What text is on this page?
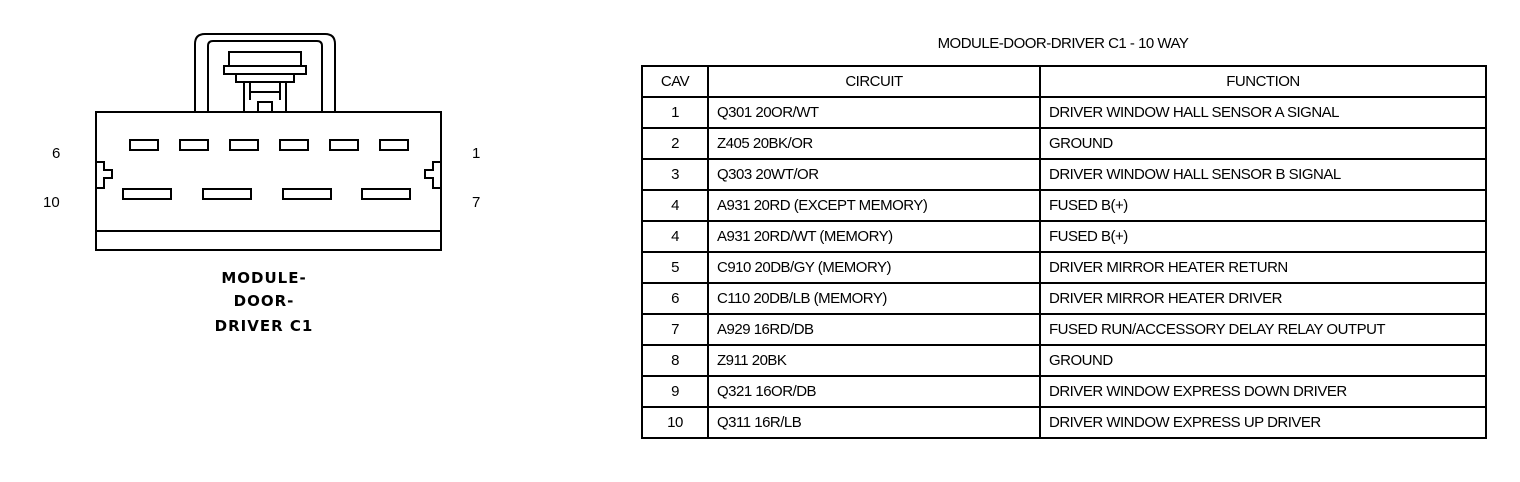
6
10
1
7
MODULE-
DOOR-
DRIVER C1
MODULE-DOOR-DRIVER C1 - 10 WAY
CAV	CIRCUIT	FUNCTION
1	Q301 20OR/WT	DRIVER WINDOW HALL SENSOR A SIGNAL
2	Z405 20BK/OR	GROUND
3	Q303 20WT/OR	DRIVER WINDOW HALL SENSOR B SIGNAL
4	A931 20RD (EXCEPT MEMORY)	FUSED B(+)
4	A931 20RD/WT (MEMORY)	FUSED B(+)
5	C910 20DB/GY (MEMORY)	DRIVER MIRROR HEATER RETURN
6	C110 20DB/LB (MEMORY)	DRIVER MIRROR HEATER DRIVER
7	A929 16RD/DB	FUSED RUN/ACCESSORY DELAY RELAY OUTPUT
8	Z911 20BK	GROUND
9	Q321 16OR/DB	DRIVER WINDOW EXPRESS DOWN DRIVER
10	Q311 16R/LB	DRIVER WINDOW EXPRESS UP DRIVER
